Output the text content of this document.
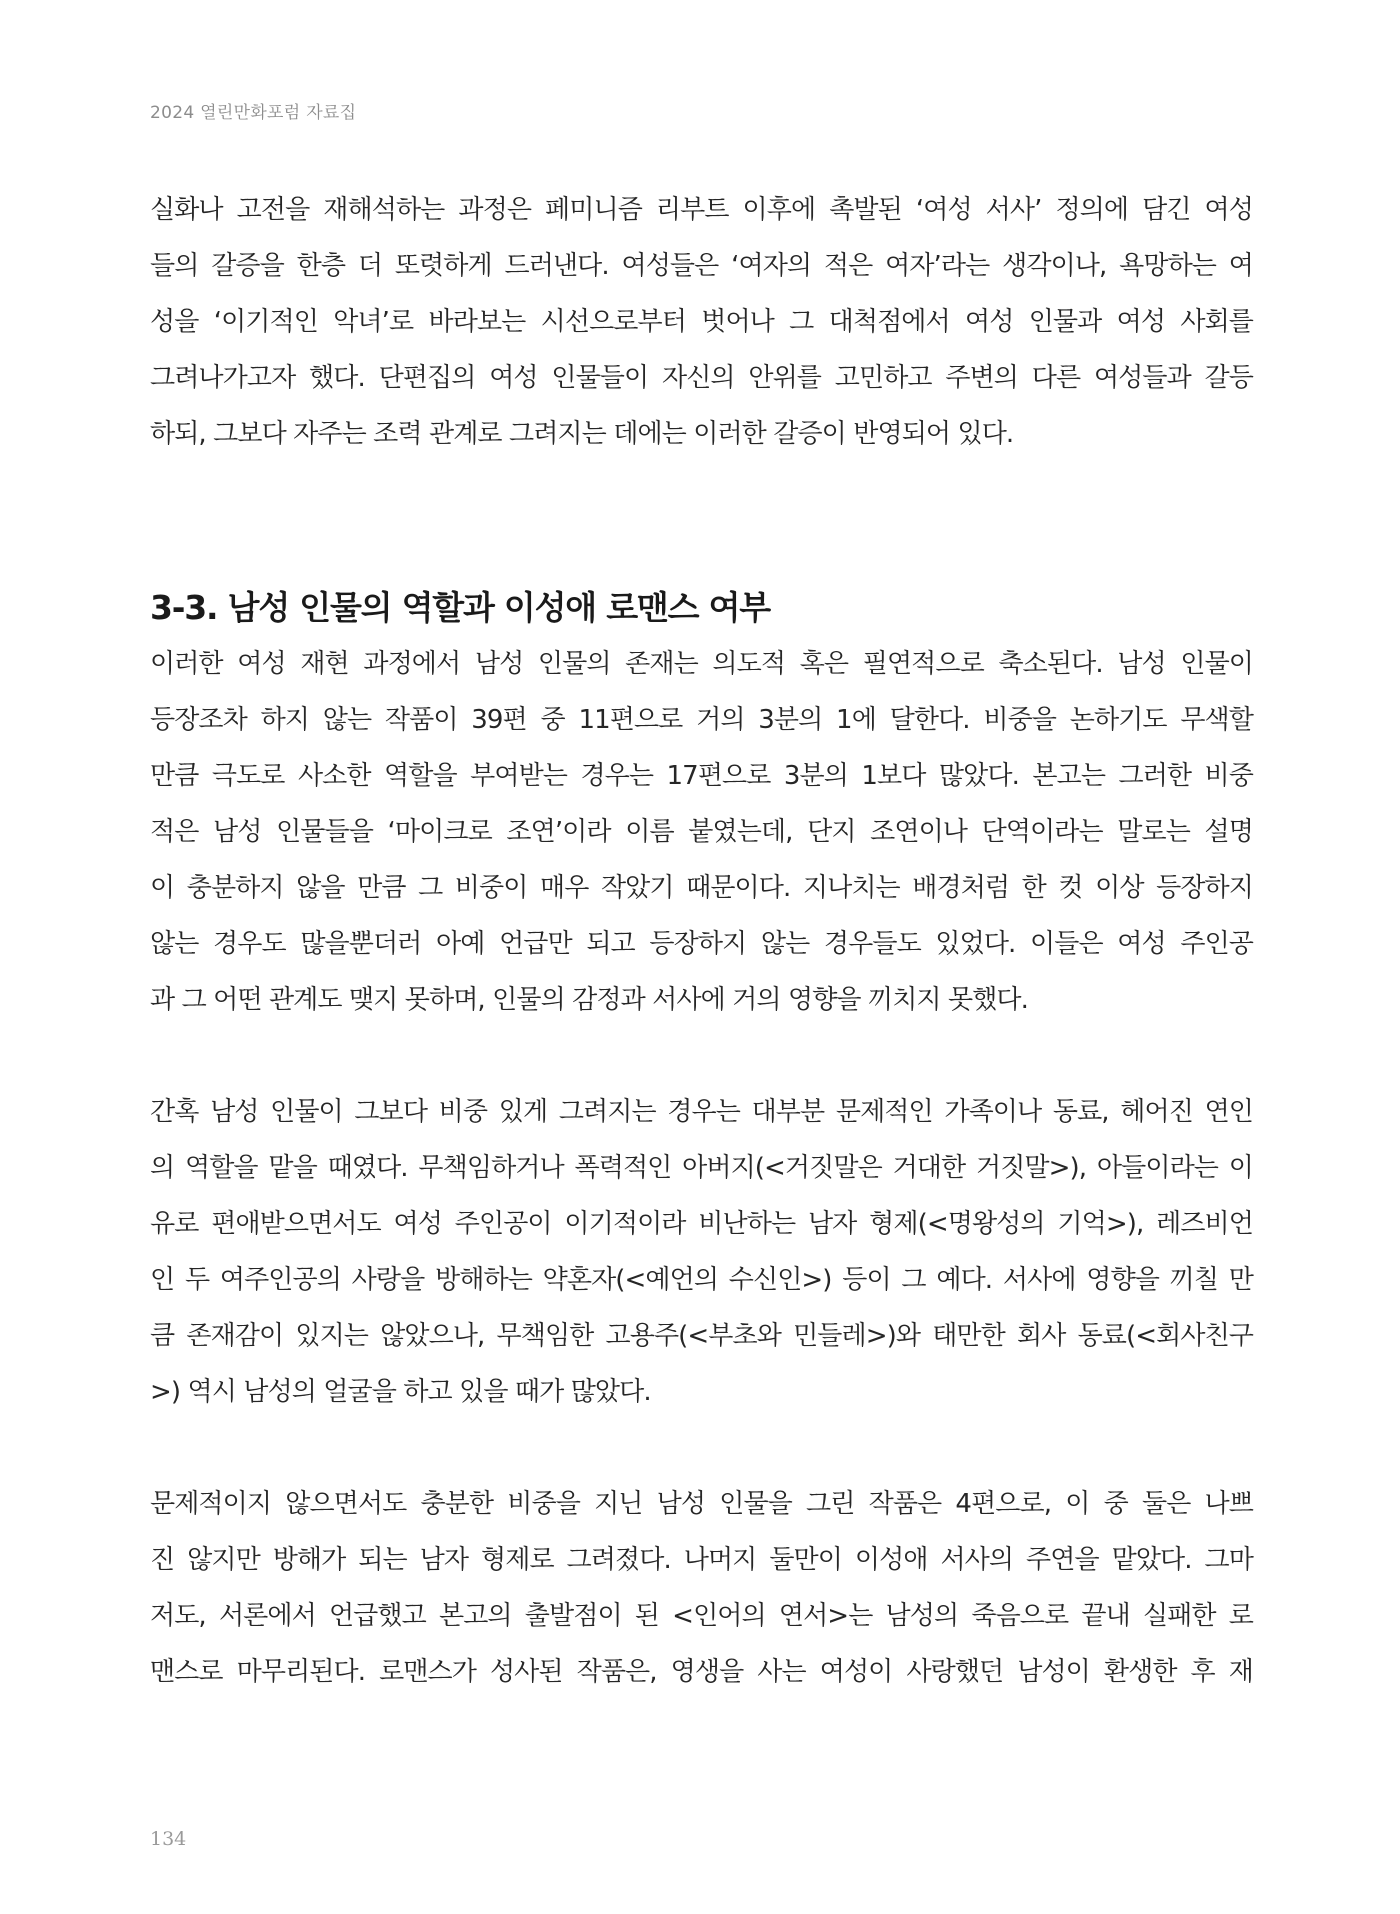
2024 열린만화포럼 자료집

실화나 고전을 재해석하는 과정은 페미니즘 리부트 이후에 촉발된 ‘여성 서사’ 정의에 담긴 여성
들의 갈증을 한층 더 또렷하게 드러낸다. 여성들은 ‘여자의 적은 여자’라는 생각이나, 욕망하는 여
성을 ‘이기적인 악녀’로 바라보는 시선으로부터 벗어나 그 대척점에서 여성 인물과 여성 사회를
그려나가고자 했다. 단편집의 여성 인물들이 자신의 안위를 고민하고 주변의 다른 여성들과 갈등
하되, 그보다 자주는 조력 관계로 그려지는 데에는 이러한 갈증이 반영되어 있다.

3-3. 남성 인물의 역할과 이성애 로맨스 여부

이러한 여성 재현 과정에서 남성 인물의 존재는 의도적 혹은 필연적으로 축소된다. 남성 인물이
등장조차 하지 않는 작품이 39편 중 11편으로 거의 3분의 1에 달한다. 비중을 논하기도 무색할
만큼 극도로 사소한 역할을 부여받는 경우는 17편으로 3분의 1보다 많았다. 본고는 그러한 비중
적은 남성 인물들을 ‘마이크로 조연’이라 이름 붙였는데, 단지 조연이나 단역이라는 말로는 설명
이 충분하지 않을 만큼 그 비중이 매우 작았기 때문이다. 지나치는 배경처럼 한 컷 이상 등장하지
않는 경우도 많을뿐더러 아예 언급만 되고 등장하지 않는 경우들도 있었다. 이들은 여성 주인공
과 그 어떤 관계도 맺지 못하며, 인물의 감정과 서사에 거의 영향을 끼치지 못했다.

간혹 남성 인물이 그보다 비중 있게 그려지는 경우는 대부분 문제적인 가족이나 동료, 헤어진 연인
의 역할을 맡을 때였다. 무책임하거나 폭력적인 아버지(<거짓말은 거대한 거짓말>), 아들이라는 이
유로 편애받으면서도 여성 주인공이 이기적이라 비난하는 남자 형제(<명왕성의 기억>), 레즈비언
인 두 여주인공의 사랑을 방해하는 약혼자(<예언의 수신인>) 등이 그 예다. 서사에 영향을 끼칠 만
큼 존재감이 있지는 않았으나, 무책임한 고용주(<부초와 민들레>)와 태만한 회사 동료(<회사친구
>) 역시 남성의 얼굴을 하고 있을 때가 많았다.

문제적이지 않으면서도 충분한 비중을 지닌 남성 인물을 그린 작품은 4편으로, 이 중 둘은 나쁘
진 않지만 방해가 되는 남자 형제로 그려졌다. 나머지 둘만이 이성애 서사의 주연을 맡았다. 그마
저도, 서론에서 언급했고 본고의 출발점이 된 <인어의 연서>는 남성의 죽음으로 끝내 실패한 로
맨스로 마무리된다. 로맨스가 성사된 작품은, 영생을 사는 여성이 사랑했던 남성이 환생한 후 재

134
